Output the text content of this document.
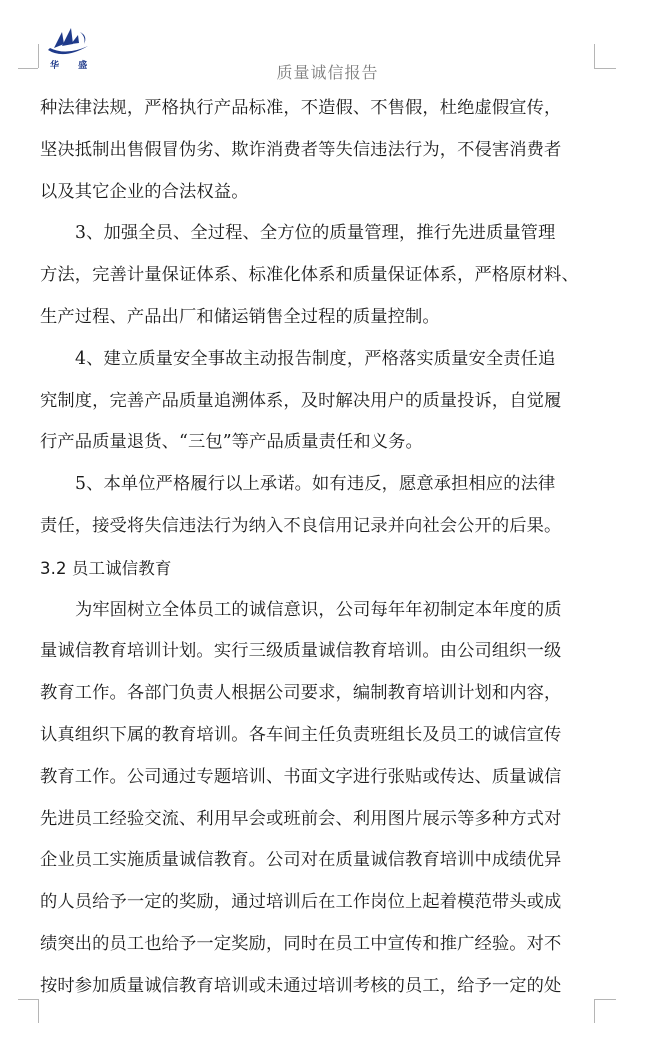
华 盛	质量诚信报告
种法律法规，严格执行产品标准，不造假、不售假，杜绝虚假宣传，
坚决抵制出售假冒伪劣、欺诈消费者等失信违法行为，不侵害消费者
以及其它企业的合法权益。
3、加强全员、全过程、全方位的质量管理，推行先进质量管理
方法，完善计量保证体系、标准化体系和质量保证体系，严格原材料、
生产过程、产品出厂和储运销售全过程的质量控制。
4、建立质量安全事故主动报告制度，严格落实质量安全责任追
究制度，完善产品质量追溯体系，及时解决用户的质量投诉，自觉履
行产品质量退货、“三包”等产品质量责任和义务。
5、本单位严格履行以上承诺。如有违反，愿意承担相应的法律
责任，接受将失信违法行为纳入不良信用记录并向社会公开的后果。
3.2 员工诚信教育
为牢固树立全体员工的诚信意识，公司每年年初制定本年度的质
量诚信教育培训计划。实行三级质量诚信教育培训。由公司组织一级
教育工作。各部门负责人根据公司要求，编制教育培训计划和内容，
认真组织下属的教育培训。各车间主任负责班组长及员工的诚信宣传
教育工作。公司通过专题培训、书面文字进行张贴或传达、质量诚信
先进员工经验交流、利用早会或班前会、利用图片展示等多种方式对
企业员工实施质量诚信教育。公司对在质量诚信教育培训中成绩优异
的人员给予一定的奖励，通过培训后在工作岗位上起着模范带头或成
绩突出的员工也给予一定奖励，同时在员工中宣传和推广经验。对不
按时参加质量诚信教育培训或未通过培训考核的员工，给予一定的处
